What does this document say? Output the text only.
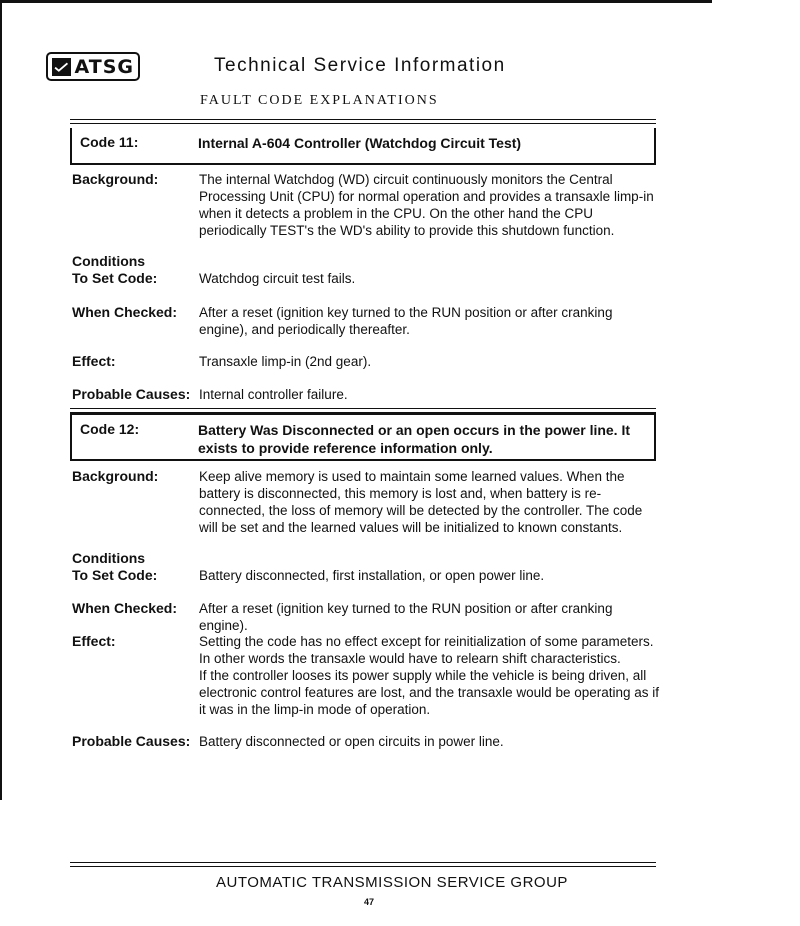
ATSG	Technical Service Information
FAULT CODE EXPLANATIONS
Code 11:	Internal A-604 Controller (Watchdog Circuit Test)
Background:	The internal Watchdog (WD) circuit continuously monitors the Central Processing Unit (CPU) for normal operation and provides a transaxle limp-in when it detects a problem in the CPU. On the other hand the CPU periodically TEST's the WD's ability to provide this shutdown function.

Conditions
To Set Code:	Watchdog circuit test fails.

When Checked: After a reset (ignition key turned to the RUN position or after cranking engine), and periodically thereafter.

Effect:	Transaxle limp-in (2nd gear).

Probable Causes: Internal controller failure.

Code 12:	Battery Was Disconnected or an open occurs in the power line. It exists to provide reference information only.
Background:	Keep alive memory is used to maintain some learned values. When the battery is disconnected, this memory is lost and, when battery is re-connected, the loss of memory will be detected by the controller. The code will be set and the learned values will be initialized to known constants.

Conditions
To Set Code:	Battery disconnected, first installation, or open power line.

When Checked: After a reset (ignition key turned to the RUN position or after cranking engine).

Effect:	Setting the code has no effect except for reinitialization of some parameters. In other words the transaxle would have to relearn shift characteristics.

If the controller looses its power supply while the vehicle is being driven, all electronic control features are lost, and the transaxle would be operating as if it was in the limp-in mode of operation.

Probable Causes: Battery disconnected or open circuits in power line.

AUTOMATIC TRANSMISSION SERVICE GROUP
47
